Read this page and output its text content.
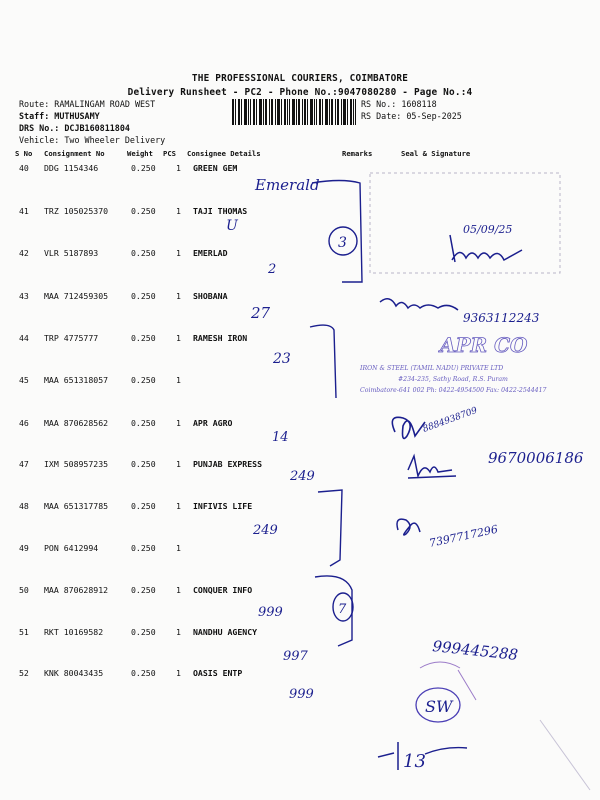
THE PROFESSIONAL COURIERS, COIMBATORE
Delivery Runsheet - PC2 - Phone No.:9047080280 - Page No.:4
Route: RAMALINGAM ROAD WEST
Staff: MUTHUSAMY
DRS No.: DCJB160811804
Vehicle: Two Wheeler Delivery
RS No.: 1608118
RS Date: 05-Sep-2025
S No Consignment No	Weight PCS Consignee Details	Remarks	Seal & Signature
40 DDG 1154346	0.250 1 GREEN GEM
41 TRZ 105025370	0.250 1 TAJI THOMAS
42 VLR 5187893	0.250 1 EMERLAD
43 MAA 712459305	0.250 1 SHOBANA
44 TRP 4775777	0.250 1 RAMESH IRON
45 MAA 651318057	0.250 1
46 MAA 870628562	0.250 1 APR AGRO
47 IXM 508957235	0.250 1 PUNJAB EXPRESS
48 MAA 651317785	0.250 1 INFIVIS LIFE
49 PON 6412994	0.250 1
50 MAA 870628912	0.250 1 CONQUER INFO
51 RKT 10169582	0.250 1 NANDHU AGENCY
52 KNK 80043435	0.250 1 OASIS ENTP
Emerald
U
2
27
23
14
249
249
999
997
999
3
7
05/09/25
9363112243
8884938709
9670006186
7397717296
999445288
SW
13
APR CO
IRON & STEEL (TAMIL NADU) PRIVATE LTD
#234-235, Sathy Road, R.S. Puram
Coimbatore-641 002 Ph: 0422-4954500 Fax: 0422-2544417
